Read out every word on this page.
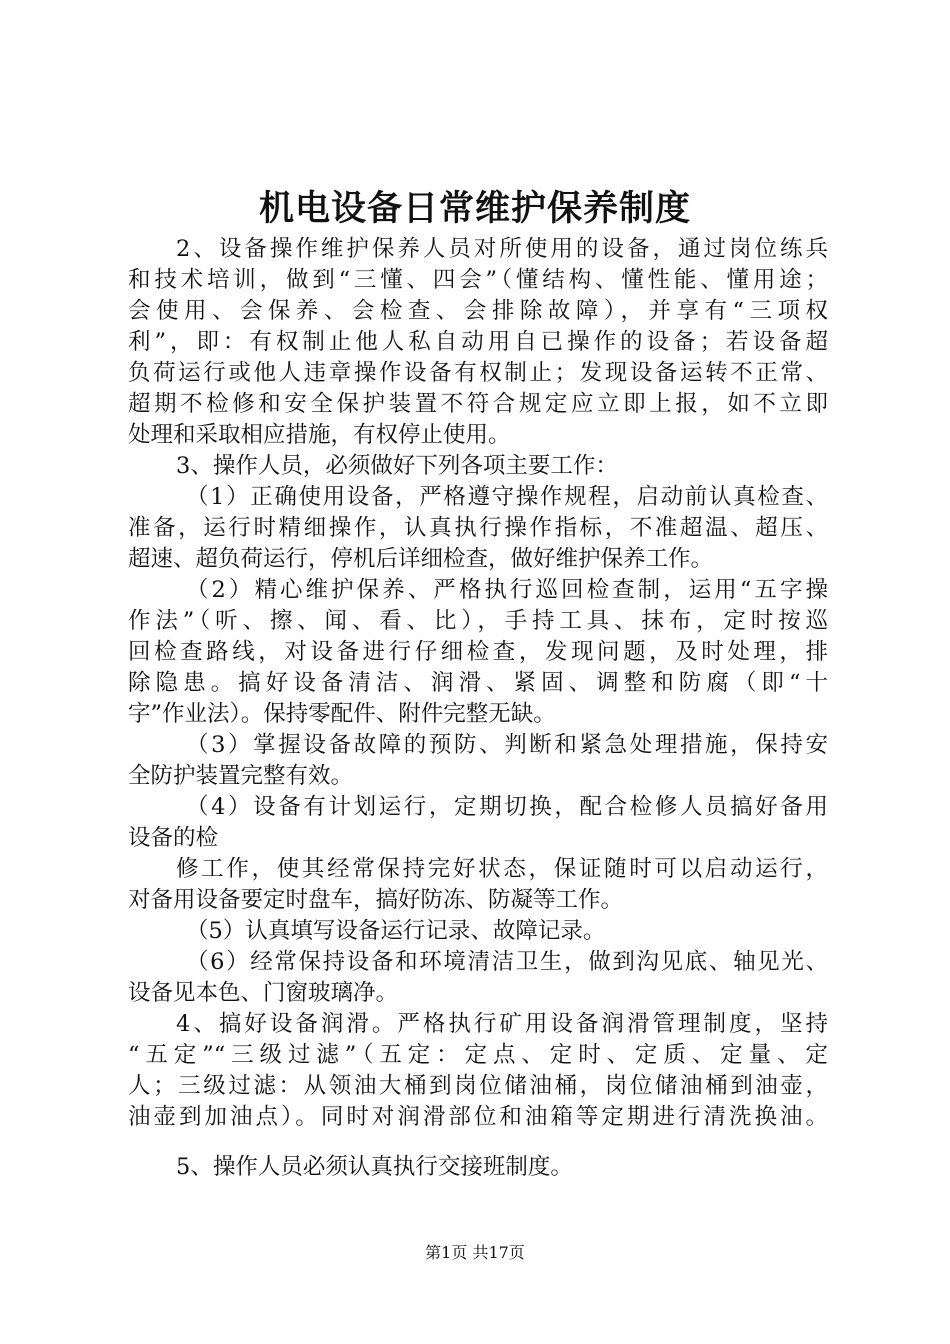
机电设备日常维护保养制度
2、设备操作维护保养人员对所使用的设备，通过岗位练兵
和技术培训，做到“三懂、四会”（懂结构、懂性能、懂用途；
会使用、会保养、会检查、会排除故障），并享有“三项权
利”，即：有权制止他人私自动用自已操作的设备；若设备超
负荷运行或他人违章操作设备有权制止；发现设备运转不正常、
超期不检修和安全保护装置不符合规定应立即上报，如不立即
处理和采取相应措施，有权停止使用。
3、操作人员，必须做好下列各项主要工作：
（1）正确使用设备，严格遵守操作规程，启动前认真检查、
准备，运行时精细操作，认真执行操作指标，不准超温、超压、
超速、超负荷运行，停机后详细检查，做好维护保养工作。
（2）精心维护保养、严格执行巡回检查制，运用“五字操
作法”（听、擦、闻、看、比），手持工具、抹布，定时按巡
回检查路线，对设备进行仔细检查，发现问题，及时处理，排
除隐患。搞好设备清洁、润滑、紧固、调整和防腐（即“十
字”作业法）。保持零配件、附件完整无缺。
（3）掌握设备故障的预防、判断和紧急处理措施，保持安
全防护装置完整有效。
（4）设备有计划运行，定期切换，配合检修人员搞好备用
设备的检
修工作，使其经常保持完好状态，保证随时可以启动运行，
对备用设备要定时盘车，搞好防冻、防凝等工作。
（5）认真填写设备运行记录、故障记录。
（6）经常保持设备和环境清洁卫生，做到沟见底、轴见光、
设备见本色、门窗玻璃净。
4、搞好设备润滑。严格执行矿用设备润滑管理制度，坚持
“五定”“三级过滤”（五定：定点、定时、定质、定量、定
人；三级过滤：从领油大桶到岗位储油桶，岗位储油桶到油壶，
油壶到加油点）。同时对润滑部位和油箱等定期进行清洗换油。
5、操作人员必须认真执行交接班制度。
第1页 共17页
